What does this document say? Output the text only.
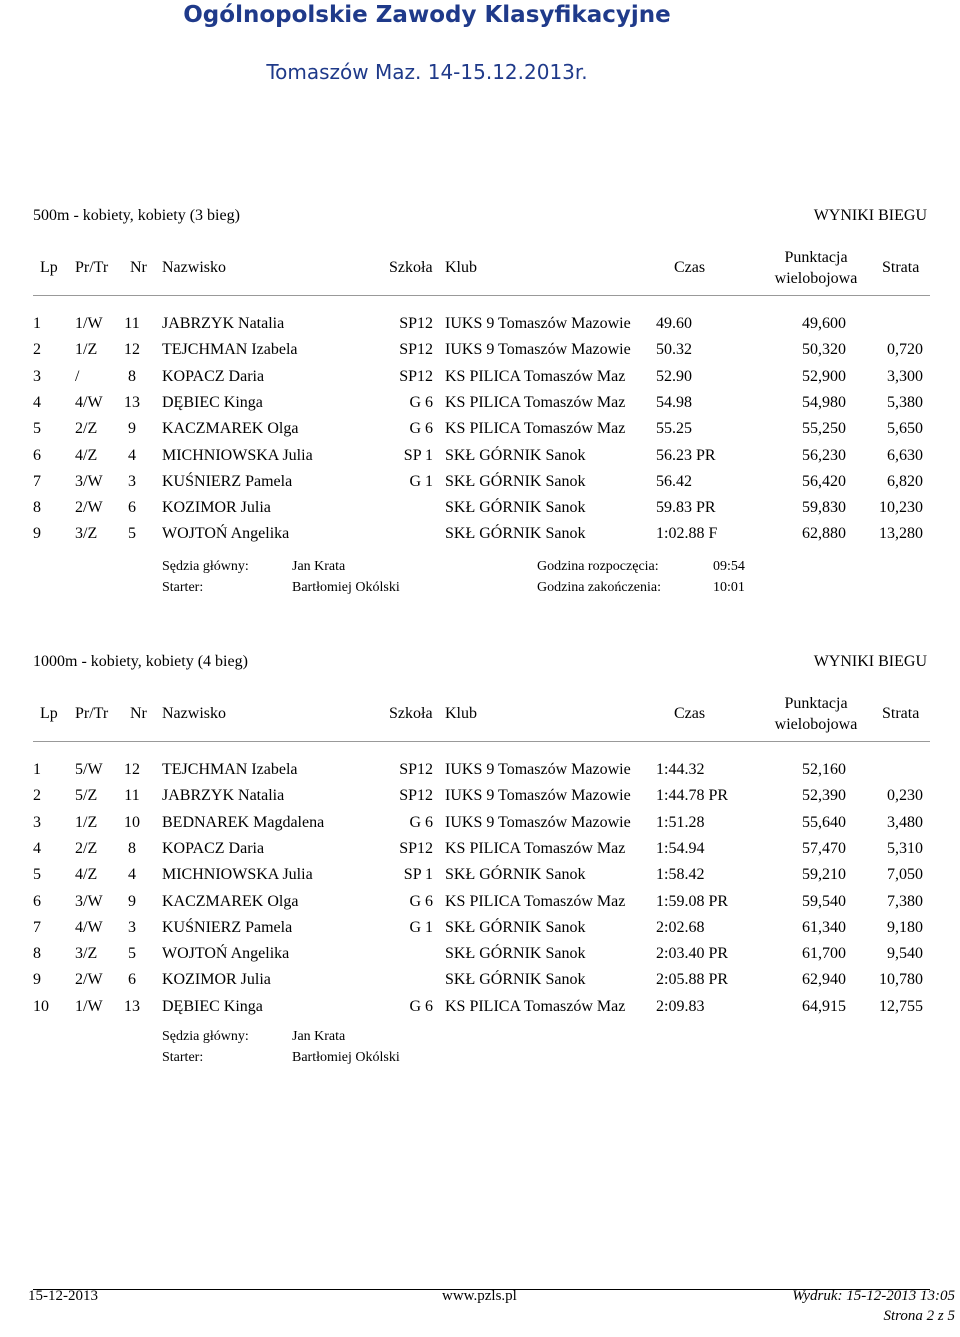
Ogólnopolskie Zawody Klasyfikacyjne
Tomaszów Maz. 14-15.12.2013r.
500m - kobiety, kobiety (3 bieg)	WYNIKI BIEGU
Lp Pr/Tr Nr Nazwisko	Szkoła Klub	Czas
Punktacja
wielobojowa
Strata
1	1/W	11	JABRZYK Natalia	SP12 IUKS 9 Tomaszów Mazowie 49.60	49,600
2	1/Z	12	TEJCHMAN Izabela	SP12 IUKS 9 Tomaszów Mazowie 50.32	50,320	0,720
3	/	8	KOPACZ Daria	SP12 KS PILICA Tomaszów Maz 52.90	52,900	3,300
4	4/W	13	DĘBIEC Kinga	G 6 KS PILICA Tomaszów Maz 54.98	54,980	5,380
5	2/Z	9	KACZMAREK Olga	G 6 KS PILICA Tomaszów Maz 55.25	55,250	5,650
6	4/Z	4	MICHNIOWSKA Julia	SP 1 SKŁ GÓRNIK Sanok	56.23 PR	56,230	6,630
7	3/W	3	KUŚNIERZ Pamela	G 1 SKŁ GÓRNIK Sanok	56.42	56,420	6,820
8	2/W	6	KOZIMOR Julia	SKŁ GÓRNIK Sanok	59.83 PR	59,830 10,230
9	3/Z	5	WOJTOŃ Angelika	SKŁ GÓRNIK Sanok	1:02.88 F	62,880 13,280
Sędzia główny:	Jan Krata	Godzina rozpoczęcia:	09:54
Starter:	Bartłomiej Okólski	Godzina zakończenia:	10:01
1000m - kobiety, kobiety (4 bieg)	WYNIKI BIEGU
Lp Pr/Tr Nr Nazwisko	Szkoła Klub	Czas
Punktacja
wielobojowa
Strata
1	5/W	12	TEJCHMAN Izabela	SP12 IUKS 9 Tomaszów Mazowie 1:44.32	52,160
2	5/Z	11	JABRZYK Natalia	SP12 IUKS 9 Tomaszów Mazowie 1:44.78 PR	52,390	0,230
3	1/Z	10	BEDNAREK Magdalena	G 6 IUKS 9 Tomaszów Mazowie 1:51.28	55,640	3,480
4	2/Z	8	KOPACZ Daria	SP12 KS PILICA Tomaszów Maz 1:54.94	57,470	5,310
5	4/Z	4	MICHNIOWSKA Julia	SP 1 SKŁ GÓRNIK Sanok	1:58.42	59,210	7,050
6	3/W	9	KACZMAREK Olga	G 6 KS PILICA Tomaszów Maz 1:59.08 PR	59,540	7,380
7	4/W	3	KUŚNIERZ Pamela	G 1 SKŁ GÓRNIK Sanok	2:02.68	61,340	9,180
8	3/Z	5	WOJTOŃ Angelika	SKŁ GÓRNIK Sanok	2:03.40 PR	61,700	9,540
9	2/W	6	KOZIMOR Julia	SKŁ GÓRNIK Sanok	2:05.88 PR	62,940 10,780
10 1/W	13	DĘBIEC Kinga	G 6 KS PILICA Tomaszów Maz 2:09.83	64,915 12,755
Sędzia główny:	Jan Krata
Starter:	Bartłomiej Okólski
15-12-2013	www.pzls.pl	Wydruk: 15-12-2013 13:05
Strona 2 z 5
